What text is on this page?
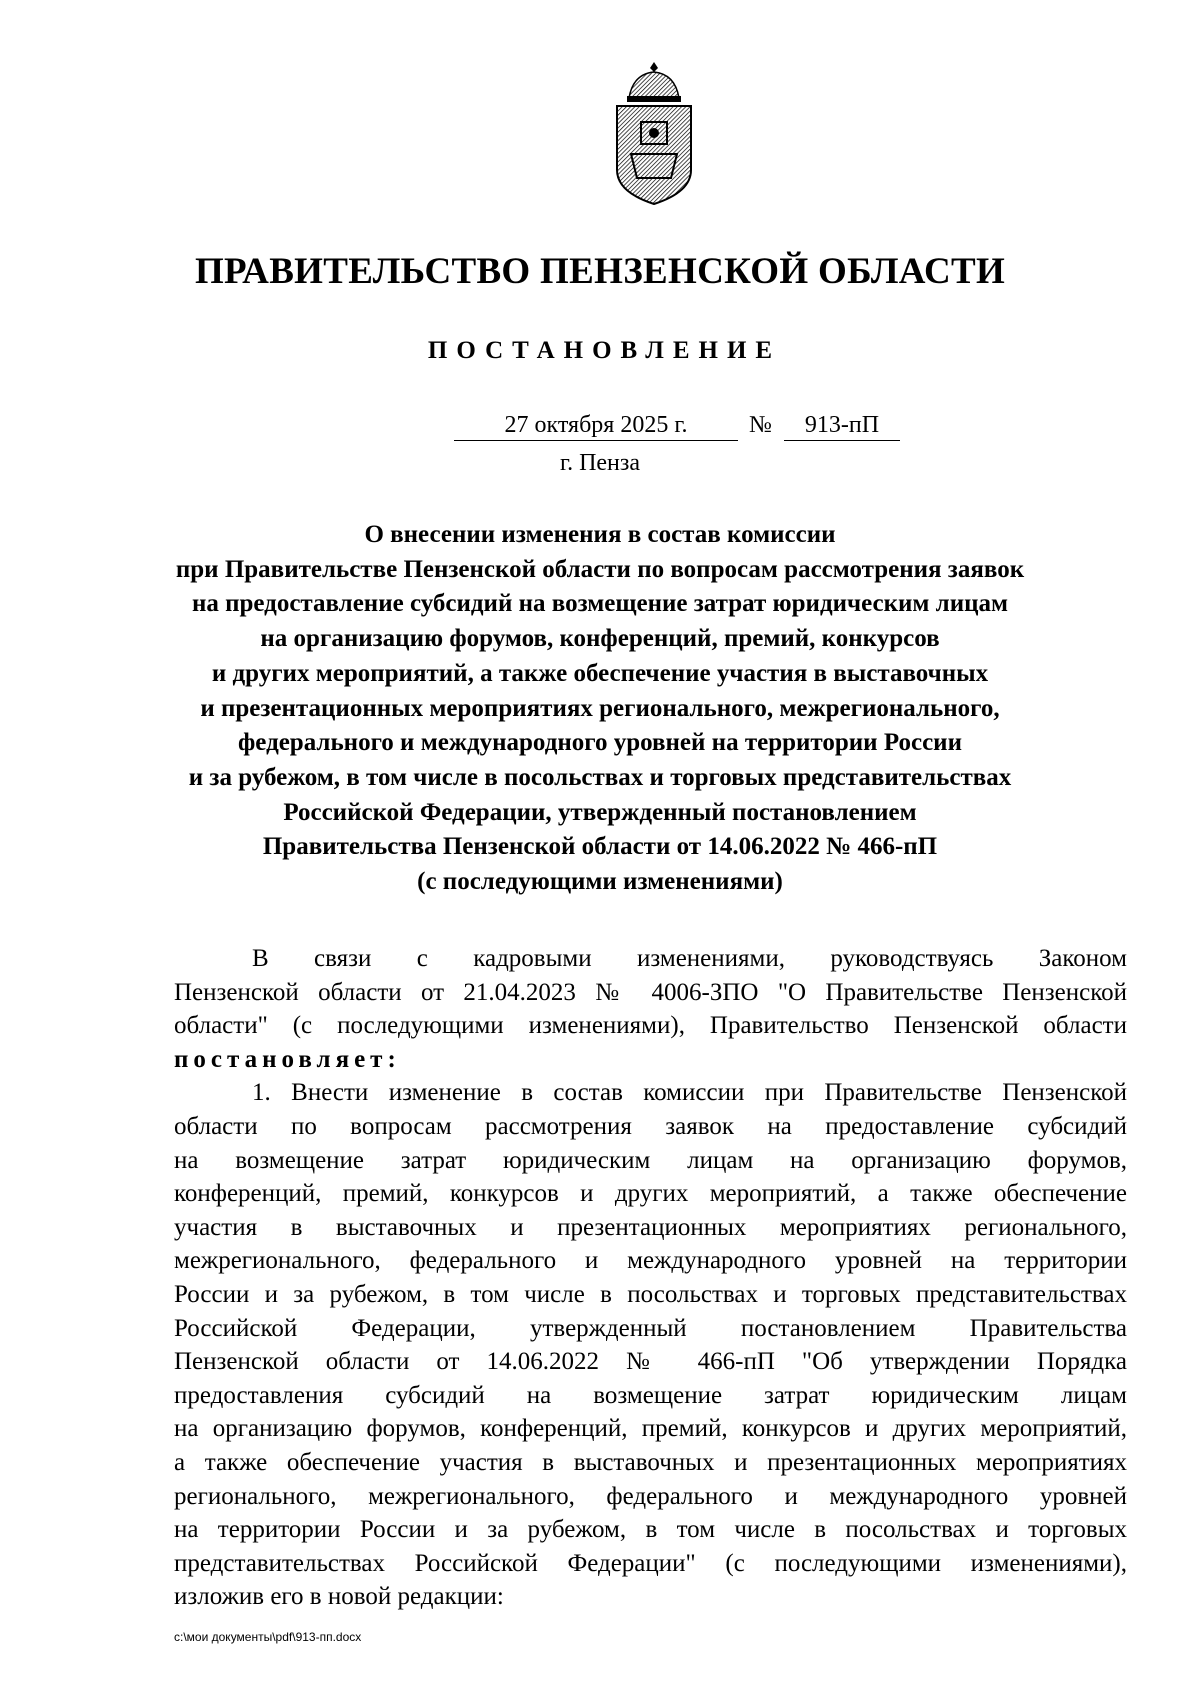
ПРАВИТЕЛЬСТВО ПЕНЗЕНСКОЙ ОБЛАСТИ
ПОСТАНОВЛЕНИЕ
27 октября 2025 г.	№	913-пП
г. Пенза
О внесении изменения в состав комиссии
при Правительстве Пензенской области по вопросам рассмотрения заявок
на предоставление субсидий на возмещение затрат юридическим лицам
на организацию форумов, конференций, премий, конкурсов
и других мероприятий, а также обеспечение участия в выставочных
и презентационных мероприятиях регионального, межрегионального,
федерального и международного уровней на территории России
и за рубежом, в том числе в посольствах и торговых представительствах
Российской Федерации, утвержденный постановлением
Правительства Пензенской области от 14.06.2022 № 466-пП
(с последующими изменениями)
В связи с кадровыми изменениями, руководствуясь Законом
Пензенской области от 21.04.2023 № 4006-ЗПО "О Правительстве Пензенской
области" (с последующими изменениями), Правительство Пензенской области
постановляет:
1. Внести изменение в состав комиссии при Правительстве Пензенской
области по вопросам рассмотрения заявок на предоставление субсидий
на возмещение затрат юридическим лицам на организацию форумов,
конференций, премий, конкурсов и других мероприятий, а также обеспечение
участия в выставочных и презентационных мероприятиях регионального,
межрегионального, федерального и международного уровней на территории
России и за рубежом, в том числе в посольствах и торговых представительствах
Российской Федерации, утвержденный постановлением Правительства
Пензенской области от 14.06.2022 № 466-пП "Об утверждении Порядка
предоставления субсидий на возмещение затрат юридическим лицам
на организацию форумов, конференций, премий, конкурсов и других мероприятий,
а также обеспечение участия в выставочных и презентационных мероприятиях
регионального, межрегионального, федерального и международного уровней
на территории России и за рубежом, в том числе в посольствах и торговых
представительствах Российской Федерации" (с последующими изменениями),
изложив его в новой редакции:
c:\мои документы\pdf\913-пп.docx
